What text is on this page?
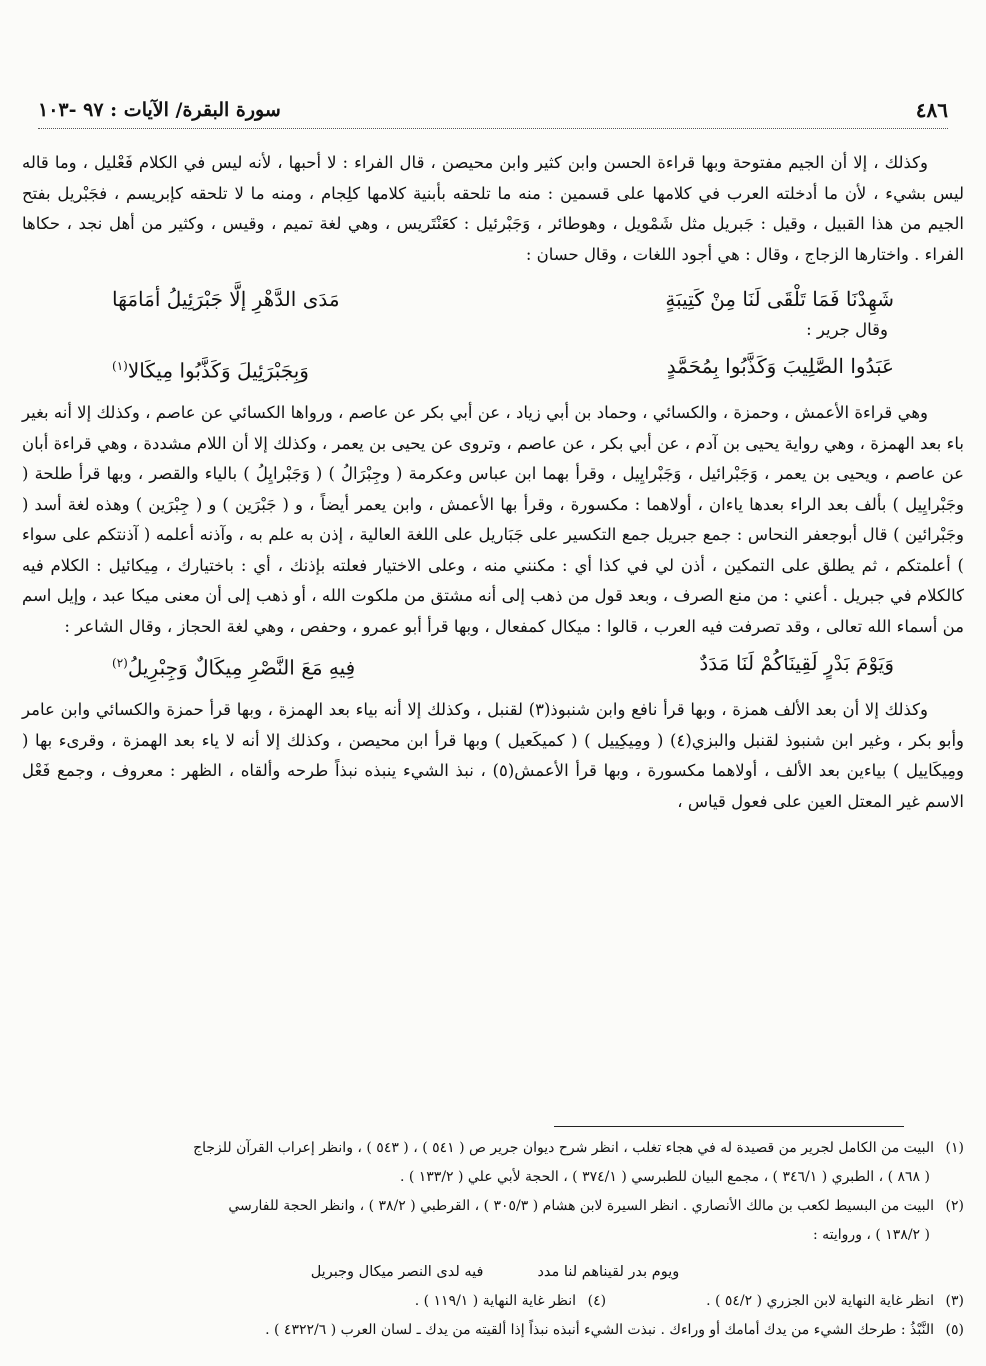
٤٨٦
سورة البقرة/ الآيات : ٩٧ -١٠٣

وكذلك ، إلا أن الجيم مفتوحة وبها قراءة الحسن وابن كثير وابن محيصن ، قال الفراء : لا أحبها ، لأنه ليس في الكلام فَعْليل ، وما قاله ليس بشيء ، لأن ما أدخلته العرب في كلامها على قسمين : منه ما تلحقه بأبنية كلامها كلِجام ، ومنه ما لا تلحقه كإبريسم ، فجَبْريل بفتح الجيم من هذا القبيل ، وقيل : جَبريل مثل شَمْويل ، وهوطائر ، وَجَبْرئيل : كعَنْتَريس ، وهي لغة تميم ، وقيس ، وكثير من أهل نجد ، حكاها الفراء . واختارها الزجاج ، وقال : هي أجود اللغات ، وقال حسان :

شَهِدْنَا فَمَا تَلْقَى لَنَا مِنْ كَتِيبَةٍ
مَدَى الدَّهْرِ إلَّا جَبْرَئِيلُ أمَامَهَا

وقال جرير :

عَبَدُوا الصَّلِيبَ وَكَذَّبُوا بِمُحَمَّدٍ
وَبِجَبْرَئِيلَ وَكَذَّبُوا مِيكَالا$^{(١)}$

وهي قراءة الأعمش ، وحمزة ، والكسائي ، وحماد بن أبي زياد ، عن أبي بكر عن عاصم ، ورواها الكسائي عن عاصم ، وكذلك إلا أنه بغير باء بعد الهمزة ، وهي رواية يحيى بن آدم ، عن أبي بكر ، عن عاصم ، وتروى عن يحيى بن يعمر ، وكذلك إلا أن اللام مشددة ، وهي قراءة أبان عن عاصم ، ويحيى بن يعمر ، وَجَبْرائيل ، وَجَبْرايِيل ، وقرأ بهما ابن عباس وعكرمة ( وجِبْرَالُ ) ( وَجَبْرايِلُ ) بالياء والقصر ، وبها قرأ طلحة ( وجَبْرايِيل ) بألف بعد الراء بعدها ياءان ، أولاهما : مكسورة ، وقرأ بها الأعمش ، وابن يعمر أيضاً ، و ( جَبْرَين ) و ( جِبْرَين ) وهذه لغة أسد ( وجَبْرائين ) قال أبوجعفر النحاس : جمع جبريل جمع التكسير على جَبَاريل على اللغة العالية ، إذن به علم به ، وآذنه أعلمه ( آذنتكم على سواء ) أعلمتكم ، ثم يطلق على التمكين ، أذن لي في كذا أي : مكنني منه ، وعلى الاختيار فعلته بإذنك ، أي : باختيارك ، مِيكائيل : الكلام فيه كالكلام في جبريل . أعني : من منع الصرف ، وبعد قول من ذهب إلى أنه مشتق من ملكوت الله ، أو ذهب إلى أن معنى ميكا عبد ، وإيل اسم من أسماء الله تعالى ، وقد تصرفت فيه العرب ، قالوا : ميكال كمفعال ، وبها قرأ أبو عمرو ، وحفص ، وهي لغة الحجاز ، وقال الشاعر :

وَيَوْمَ بَدْرٍ لَقِينَاكُمْ لَنَا مَدَدٌ
فِيهِ مَعَ النَّصْرِ مِيكَالٌ وَجِبْرِيلُ$^{(٢)}$

وكذلك إلا أن بعد الألف همزة ، وبها قرأ نافع وابن شنبوذ(٣) لقنبل ، وكذلك إلا أنه بياء بعد الهمزة ، وبها قرأ حمزة والكسائي وابن عامر وأبو بكر ، وغير ابن شنبوذ لقنبل والبزي(٤) ( ومِيكِييل ) ( كميكَعيل ) وبها قرأ ابن محيصن ، وكذلك إلا أنه لا ياء بعد الهمزة ، وقرىء بها ( ومِيكَاييل ) بياءين بعد الألف ، أولاهما مكسورة ، وبها قرأ الأعمش(٥) ، نبذ الشيء ينبذه نبذاً طرحه وألقاه ، الظهر : معروف ، وجمع فَعْل الاسم غير المعتل العين على فعول قياس ،

(١)البيت من الكامل لجرير من قصيدة له في هجاء تغلب ، انظر شرح ديوان جرير ص ( ٥٤١ ) ، ( ٥٤٣ ) ، وانظر إعراب القرآن للزجاج
( ٨٦٨ ) ، الطبري ( ٣٤٦/١ ) ، مجمع البيان للطبرسي ( ٣٧٤/١ ) ، الحجة لأبي علي ( ١٣٣/٢ ) .
(٢)البيت من البسيط لكعب بن مالك الأنصاري . انظر السيرة لابن هشام ( ٣٠٥/٣ ) ، القرطبي ( ٣٨/٢ ) ، وانظر الحجة للفارسي
( ١٣٨/٢ ) ، وروايته :
ويوم بدر لقيناهم لنا مدد
فيه لدى النصر ميكال وجبريل
(٣)انظر غاية النهاية لابن الجزري ( ٥٤/٢ ) .
(٤)انظر غاية النهاية ( ١١٩/١ ) .
(٥)النَّبْذُ : طرحك الشيء من يدك أمامك أو وراءك . نبذت الشيء أنبذه نبذاً إذا ألقيته من يدك ـ لسان العرب ( ٤٣٢٢/٦ ) .
